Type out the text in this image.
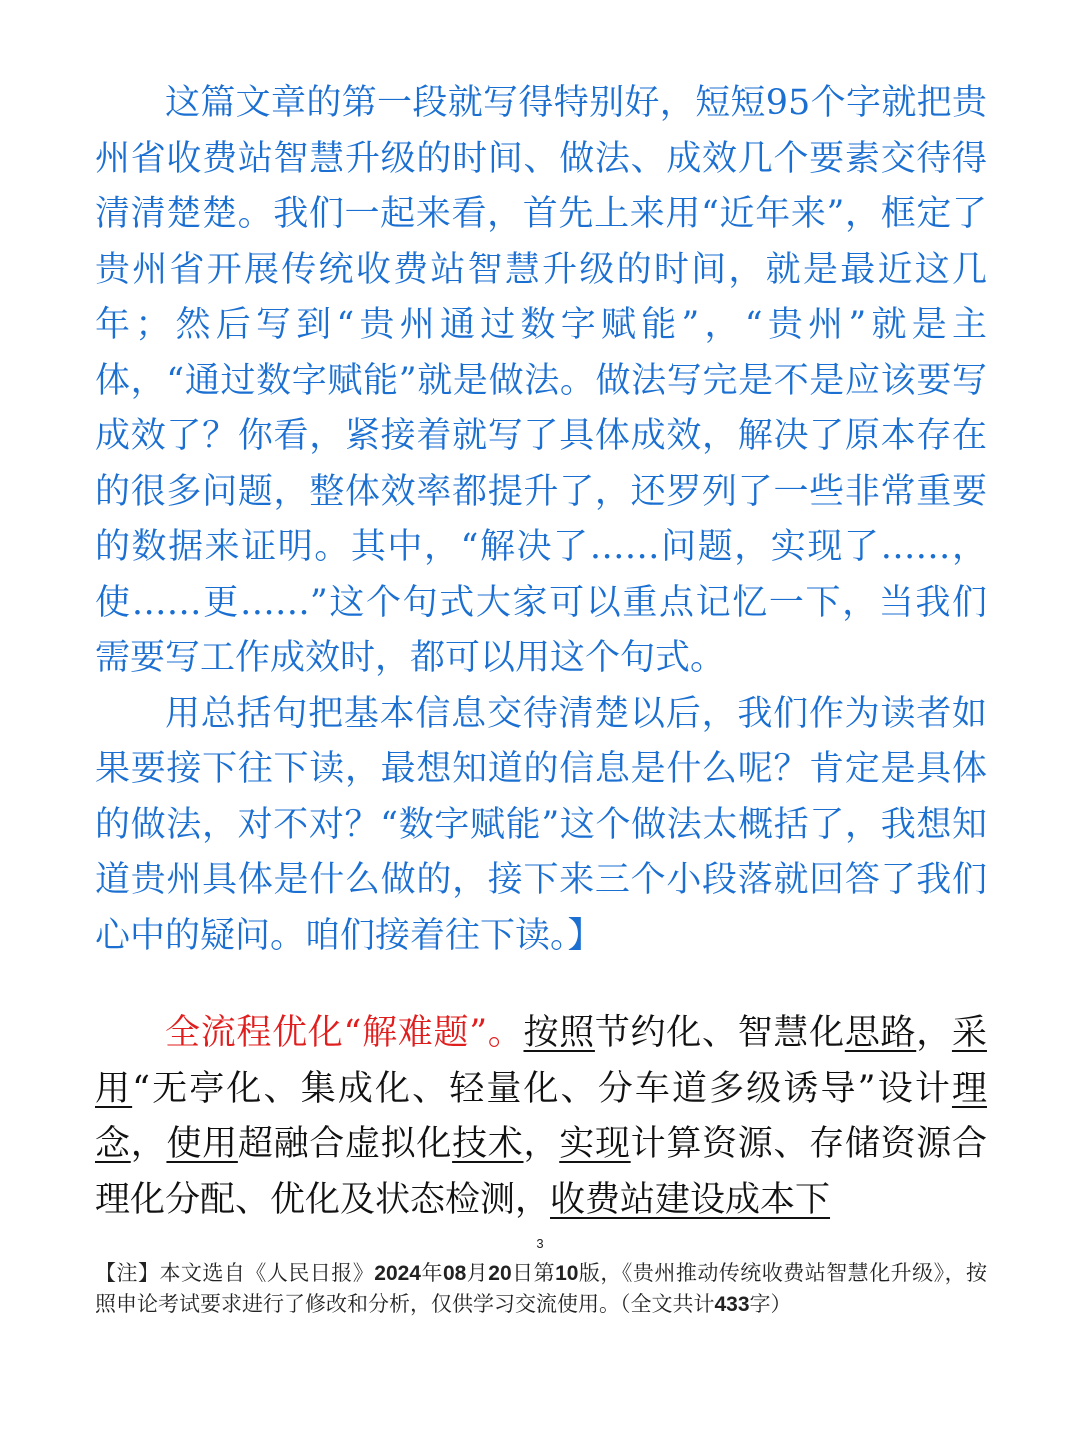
这篇文章的第一段就写得特别好，短短95个字就把贵州省收费站智慧升级的时间、做法、成效几个要素交待得清清楚楚。我们一起来看，首先上来用“近年来”，框定了贵州省开展传统收费站智慧升级的时间，就是最近这几年；然后写到“贵州通过数字赋能”，“贵州”就是主体，“通过数字赋能”就是做法。做法写完是不是应该要写成效了？你看，紧接着就写了具体成效，解决了原本存在的很多问题，整体效率都提升了，还罗列了一些非常重要的数据来证明。其中，“解决了……问题，实现了……，使……更……”这个句式大家可以重点记忆一下，当我们需要写工作成效时，都可以用这个句式。

用总括句把基本信息交待清楚以后，我们作为读者如果要接下往下读，最想知道的信息是什么呢？肯定是具体的做法，对不对？“数字赋能”这个做法太概括了，我想知道贵州具体是什么做的，接下来三个小段落就回答了我们心中的疑问。咱们接着往下读。】

全流程优化“解难题”。按照节约化、智慧化思路，采用“无亭化、集成化、轻量化、分车道多级诱导”设计理念，使用超融合虚拟化技术，实现计算资源、存储资源合理化分配、优化及状态检测，收费站建设成本下

3

【注】本文选自《人民日报》2024年08月20日第10版，《贵州推动传统收费站智慧化升级》，按照申论考试要求进行了修改和分析，仅供学习交流使用。（全文共计433字）
